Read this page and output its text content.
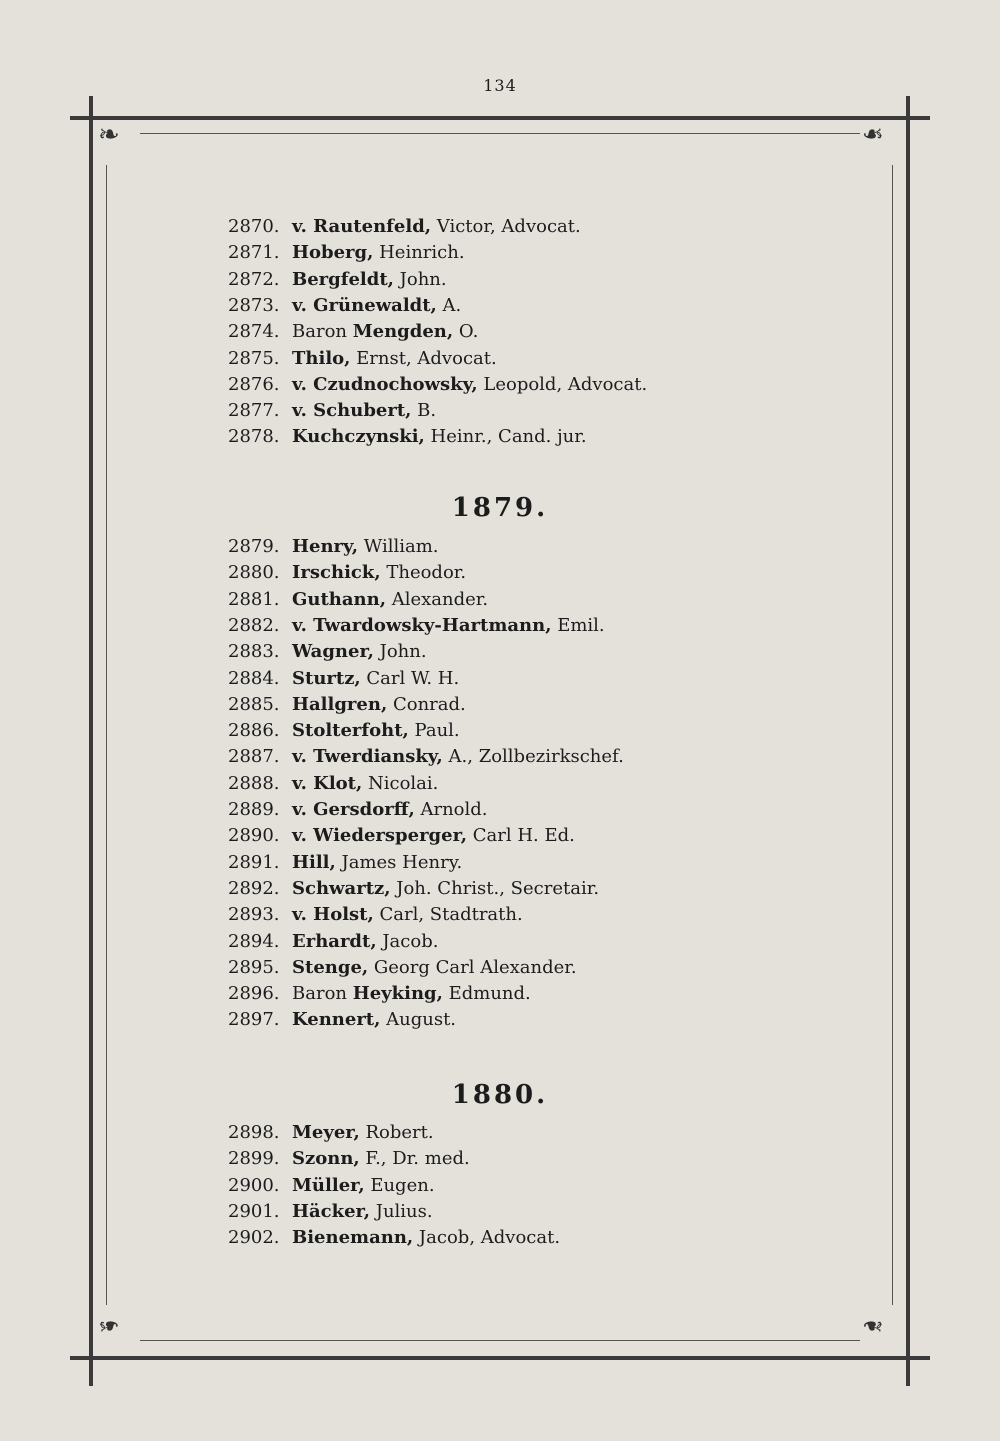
134
❧	❧
❧	❧
2870. v. Rautenfeld, Victor, Advocat.
2871. Hoberg, Heinrich.
2872. Bergfeldt, John.
2873. v. Grünewaldt, A.
2874. Baron Mengden, O.
2875. Thilo, Ernst, Advocat.
2876. v. Czudnochowsky, Leopold, Advocat.
2877. v. Schubert, B.
2878. Kuchczynski, Heinr., Cand. jur.
1879.
2879. Henry, William.
2880. Irschick, Theodor.
2881. Guthann, Alexander.
2882. v. Twardowsky-Hartmann, Emil.
2883. Wagner, John.
2884. Sturtz, Carl W. H.
2885. Hallgren, Conrad.
2886. Stolterfoht, Paul.
2887. v. Twerdiansky, A., Zollbezirkschef.
2888. v. Klot, Nicolai.
2889. v. Gersdorff, Arnold.
2890. v. Wiedersperger, Carl H. Ed.
2891. Hill, James Henry.
2892. Schwartz, Joh. Christ., Secretair.
2893. v. Holst, Carl, Stadtrath.
2894. Erhardt, Jacob.
2895. Stenge, Georg Carl Alexander.
2896. Baron Heyking, Edmund.
2897. Kennert, August.
1880.
2898. Meyer, Robert.
2899. Szonn, F., Dr. med.
2900. Müller, Eugen.
2901. Häcker, Julius.
2902. Bienemann, Jacob, Advocat.
